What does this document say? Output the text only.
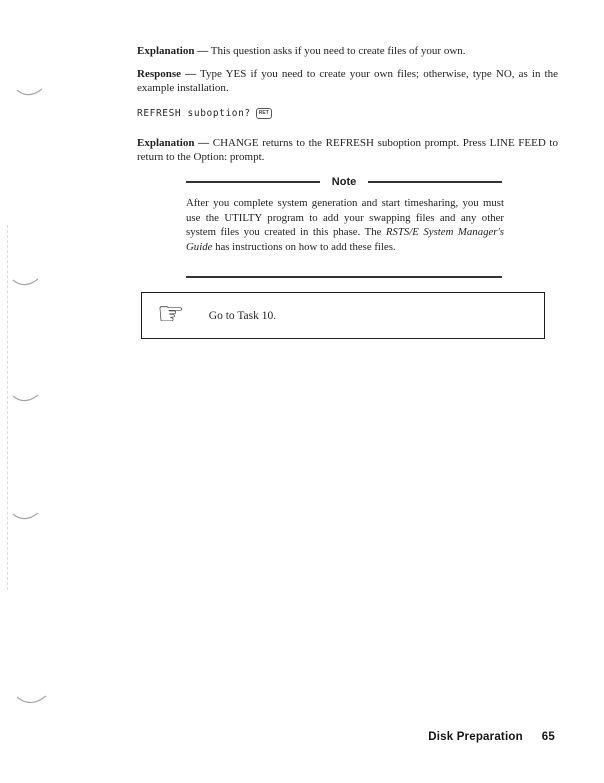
Explanation — This question asks if you need to create files of your own.

Response — Type YES if you need to create your own files; otherwise, type NO, as in the example installation.

REFRESH suboption?	RET

Explanation — CHANGE returns to the REFRESH suboption prompt. Press LINE FEED to return to the Option: prompt.

Note

After you complete system generation and start timesharing, you must use the UTILTY program to add your swapping files and any other system files you created in this phase. The RSTS/E System Manager's Guide has instructions on how to add these files.

☞ Go to Task 10.
Disk Preparation 65
